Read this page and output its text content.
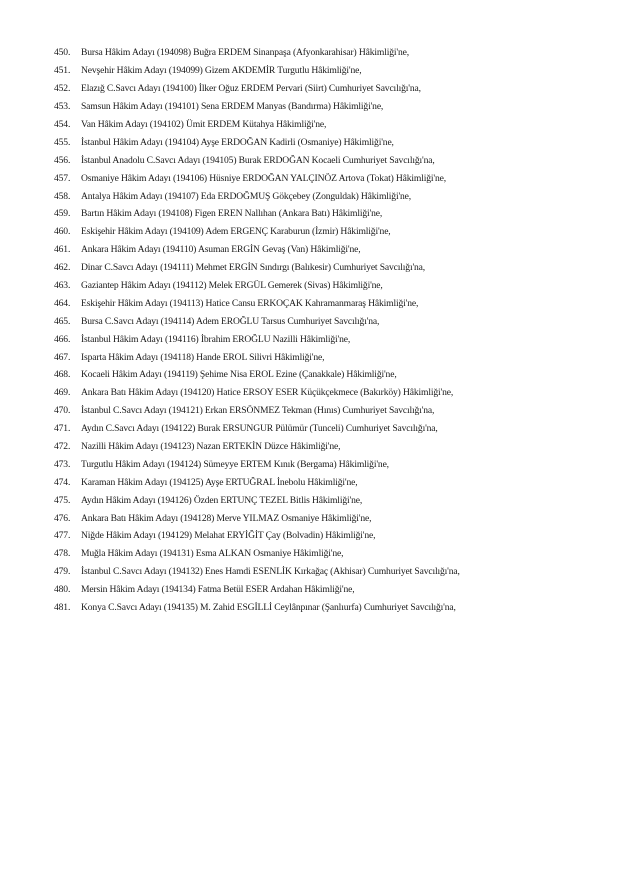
450.	Bursa Hâkim Adayı (194098) Buğra ERDEM Sinanpaşa (Afyonkarahisar) Hâkimliği'ne,
451.	Nevşehir Hâkim Adayı (194099) Gizem AKDEMİR Turgutlu Hâkimliği'ne,
452.	Elazığ C.Savcı Adayı (194100) İlker Oğuz ERDEM Pervari (Siirt) Cumhuriyet Savcılığı'na,
453.	Samsun Hâkim Adayı (194101) Sena ERDEM Manyas (Bandırma) Hâkimliği'ne,
454.	Van Hâkim Adayı (194102) Ümit ERDEM Kütahya Hâkimliği'ne,
455.	İstanbul Hâkim Adayı (194104) Ayşe ERDOĞAN Kadirli (Osmaniye) Hâkimliği'ne,
456.	İstanbul Anadolu C.Savcı Adayı (194105) Burak ERDOĞAN Kocaeli Cumhuriyet Savcılığı'na,
457.	Osmaniye Hâkim Adayı (194106) Hüsniye ERDOĞAN YALÇINÖZ Artova (Tokat) Hâkimliği'ne,
458.	Antalya Hâkim Adayı (194107) Eda ERDOĞMUŞ Gökçebey (Zonguldak) Hâkimliği'ne,
459.	Bartın Hâkim Adayı (194108) Figen EREN Nallıhan (Ankara Batı) Hâkimliği'ne,
460.	Eskişehir Hâkim Adayı (194109) Adem ERGENÇ Karaburun (İzmir) Hâkimliği'ne,
461.	Ankara Hâkim Adayı (194110) Asuman ERGİN Gevaş (Van) Hâkimliği'ne,
462.	Dinar C.Savcı Adayı (194111) Mehmet ERGİN Sındırgı (Balıkesir) Cumhuriyet Savcılığı'na,
463.	Gaziantep Hâkim Adayı (194112) Melek ERGÜL Gemerek (Sivas) Hâkimliği'ne,
464.	Eskişehir Hâkim Adayı (194113) Hatice Cansu ERKOÇAK Kahramanmaraş Hâkimliği'ne,
465.	Bursa C.Savcı Adayı (194114) Adem EROĞLU Tarsus Cumhuriyet Savcılığı'na,
466.	İstanbul Hâkim Adayı (194116) İbrahim EROĞLU Nazilli Hâkimliği'ne,
467.	Isparta Hâkim Adayı (194118) Hande EROL Silivri Hâkimliği'ne,
468.	Kocaeli Hâkim Adayı (194119) Şehime Nisa EROL Ezine (Çanakkale) Hâkimliği'ne,
469.	Ankara Batı Hâkim Adayı (194120) Hatice ERSOY ESER Küçükçekmece (Bakırköy) Hâkimliği'ne,
470.	İstanbul C.Savcı Adayı (194121) Erkan ERSÖNMEZ Tekman (Hınıs) Cumhuriyet Savcılığı'na,
471.	Aydın C.Savcı Adayı (194122) Burak ERSUNGUR Pülümür (Tunceli) Cumhuriyet Savcılığı'na,
472.	Nazilli Hâkim Adayı (194123) Nazan ERTEKİN Düzce Hâkimliği'ne,
473.	Turgutlu Hâkim Adayı (194124) Sümeyye ERTEM Kınık (Bergama) Hâkimliği'ne,
474.	Karaman Hâkim Adayı (194125) Ayşe ERTUĞRAL İnebolu Hâkimliği'ne,
475.	Aydın Hâkim Adayı (194126) Özden ERTUNÇ TEZEL Bitlis Hâkimliği'ne,
476.	Ankara Batı Hâkim Adayı (194128) Merve YILMAZ Osmaniye Hâkimliği'ne,
477.	Niğde Hâkim Adayı (194129) Melahat ERYİĞİT Çay (Bolvadin) Hâkimliği'ne,
478.	Muğla Hâkim Adayı (194131) Esma ALKAN Osmaniye Hâkimliği'ne,
479.	İstanbul C.Savcı Adayı (194132) Enes Hamdi ESENLİK Kırkağaç (Akhisar) Cumhuriyet Savcılığı'na,
480.	Mersin Hâkim Adayı (194134) Fatma Betül ESER Ardahan Hâkimliği'ne,
481.	Konya C.Savcı Adayı (194135) M. Zahid ESGİLLİ Ceylânpınar (Şanlıurfa) Cumhuriyet Savcılığı'na,
